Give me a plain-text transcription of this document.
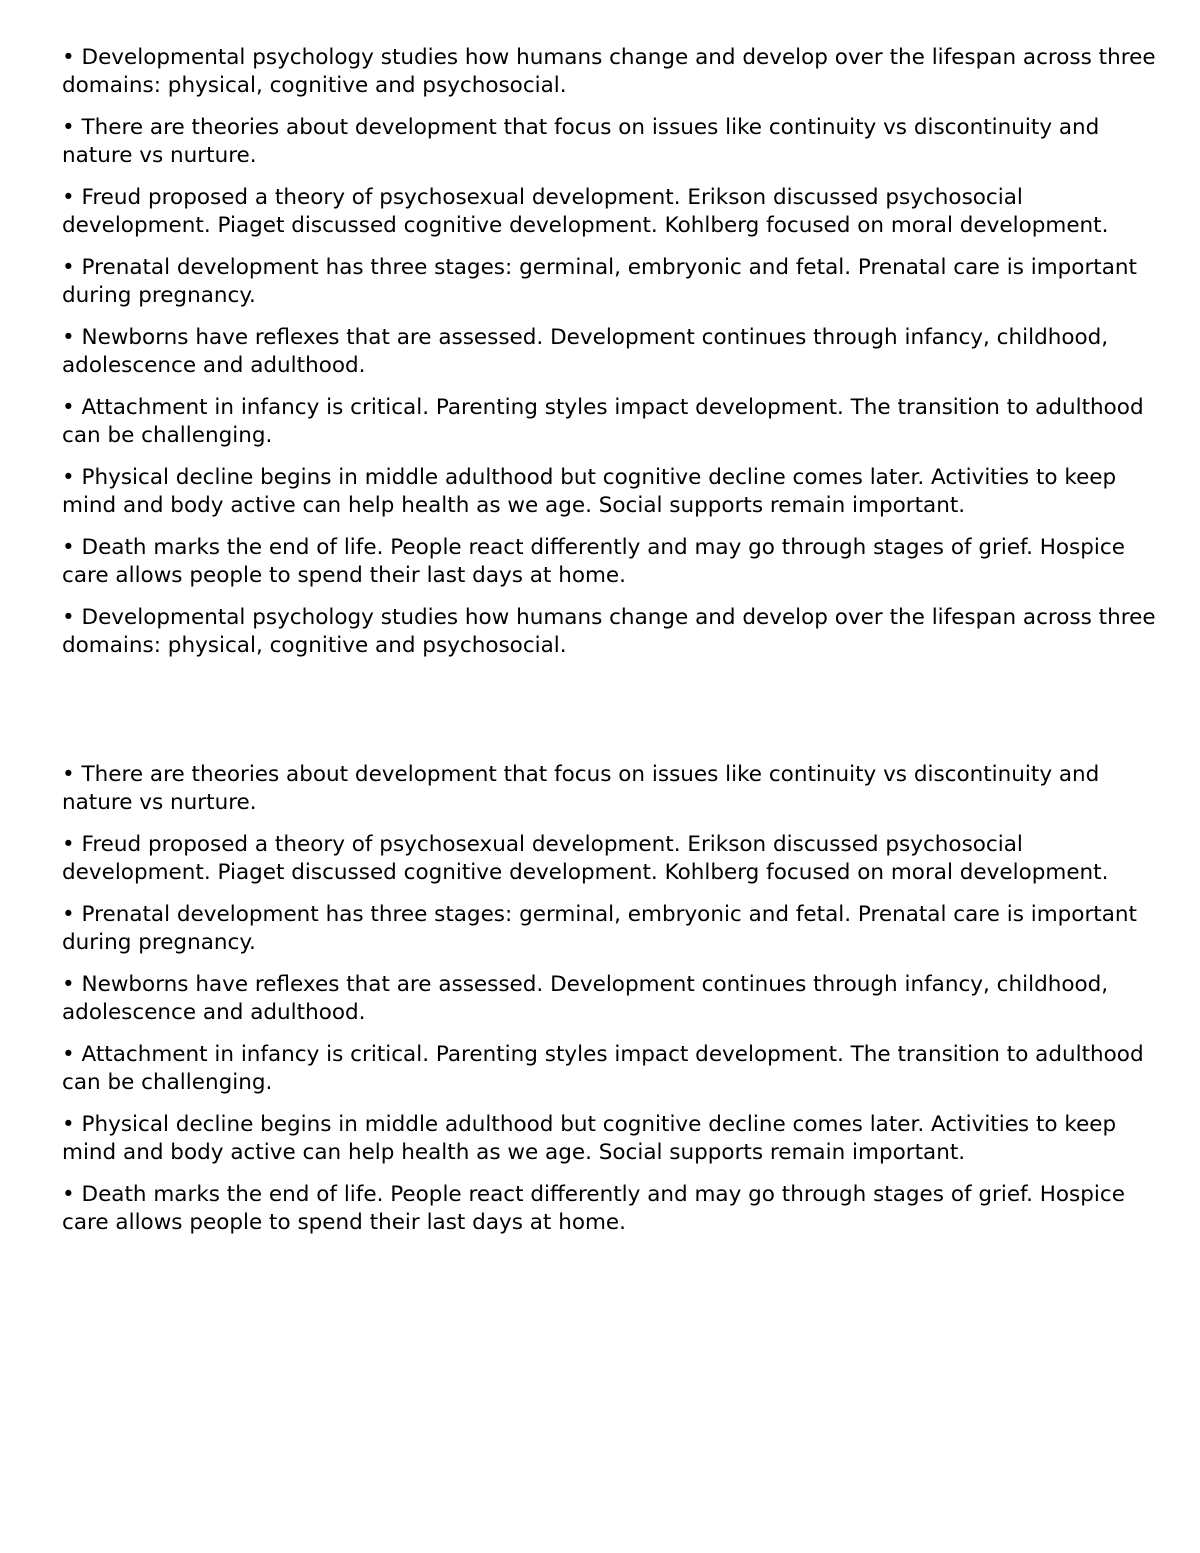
• Developmental psychology studies how humans change and develop over the lifespan across three domains: physical, cognitive and psychosocial.
• There are theories about development that focus on issues like continuity vs discontinuity and nature vs nurture.
• Freud proposed a theory of psychosexual development. Erikson discussed psychosocial development. Piaget discussed cognitive development. Kohlberg focused on moral development.
• Prenatal development has three stages: germinal, embryonic and fetal. Prenatal care is important during pregnancy.
• Newborns have reflexes that are assessed. Development continues through infancy, childhood, adolescence and adulthood.
• Attachment in infancy is critical. Parenting styles impact development. The transition to adulthood can be challenging.
• Physical decline begins in middle adulthood but cognitive decline comes later. Activities to keep mind and body active can help health as we age. Social supports remain important.
• Death marks the end of life. People react differently and may go through stages of grief. Hospice care allows people to spend their last days at home.
• Developmental psychology studies how humans change and develop over the lifespan across three domains: physical, cognitive and psychosocial.
• There are theories about development that focus on issues like continuity vs discontinuity and nature vs nurture.
• Freud proposed a theory of psychosexual development. Erikson discussed psychosocial development. Piaget discussed cognitive development. Kohlberg focused on moral development.
• Prenatal development has three stages: germinal, embryonic and fetal. Prenatal care is important during pregnancy.
• Newborns have reflexes that are assessed. Development continues through infancy, childhood, adolescence and adulthood.
• Attachment in infancy is critical. Parenting styles impact development. The transition to adulthood can be challenging.
• Physical decline begins in middle adulthood but cognitive decline comes later. Activities to keep mind and body active can help health as we age. Social supports remain important.
• Death marks the end of life. People react differently and may go through stages of grief. Hospice care allows people to spend their last days at home.
